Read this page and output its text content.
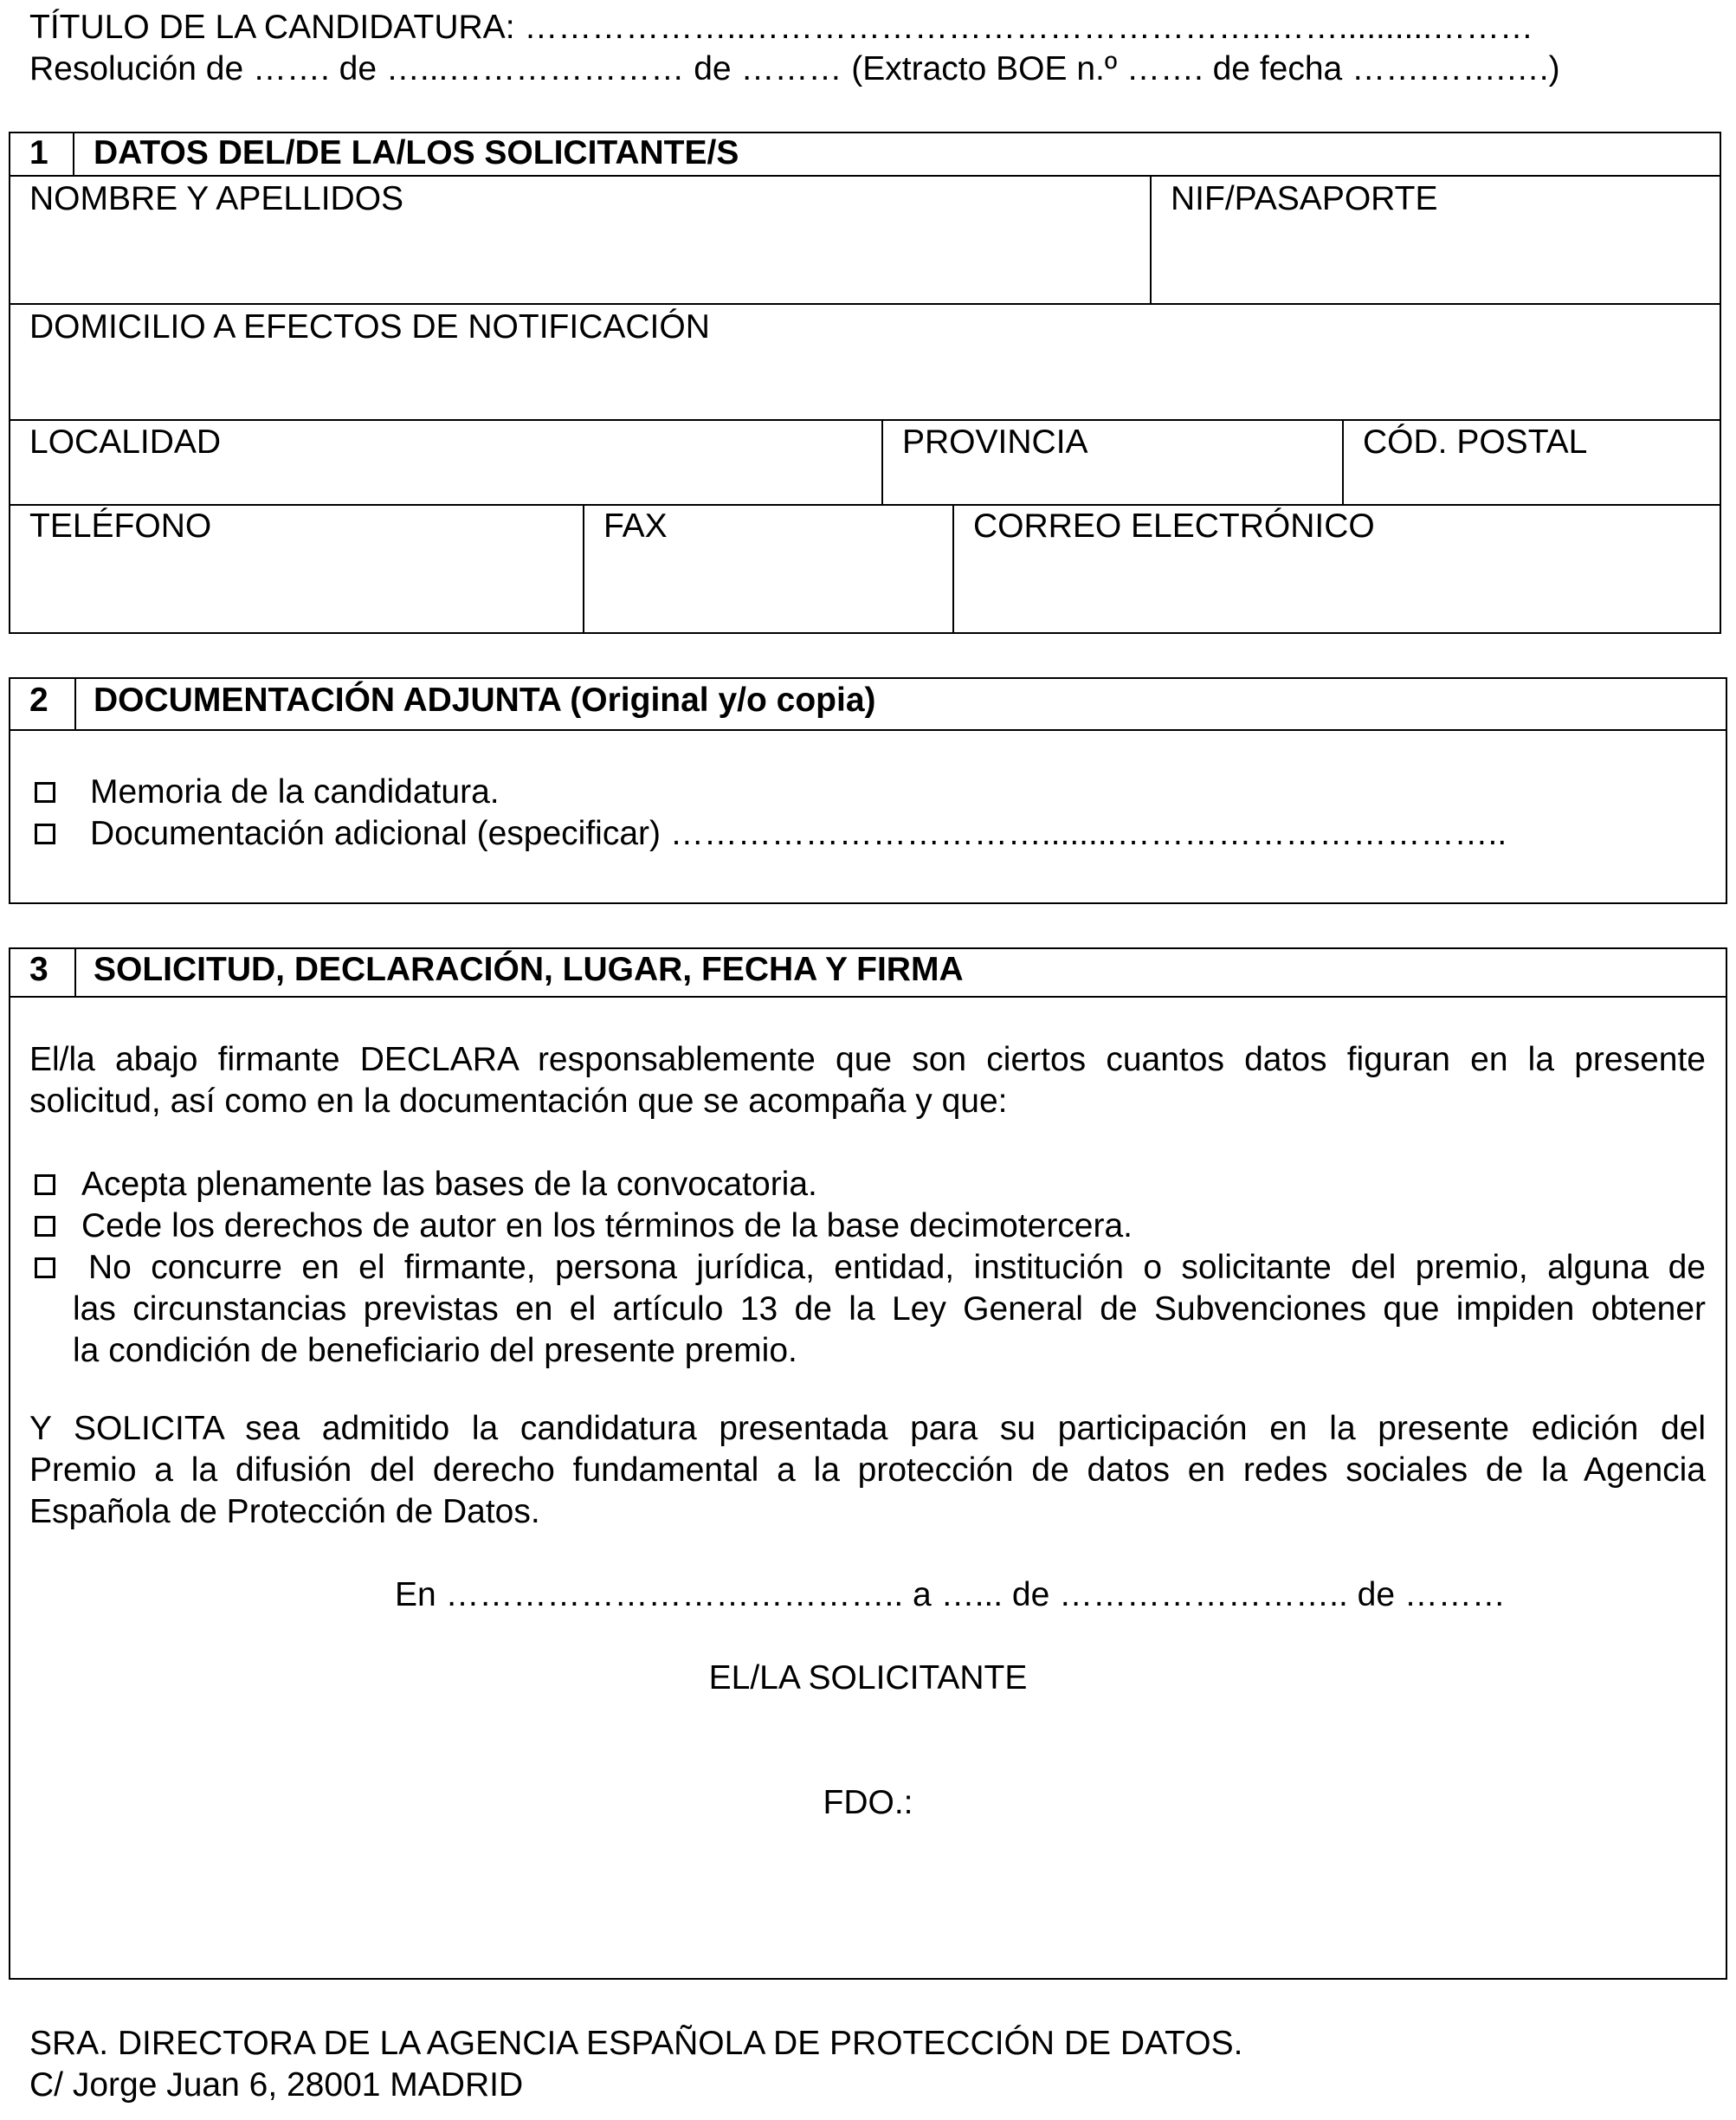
TÍTULO DE LA CANDIDATURA: ………………..………………………………………..……..........………
Resolución de ……. de …...………………… de ……… (Extracto BOE n.º ……. de fecha …….…….….)
1 DATOS DEL/DE LA/LOS SOLICITANTE/S
NOMBRE Y APELLIDOS	NIF/PASAPORTE
DOMICILIO A EFECTOS DE NOTIFICACIÓN
LOCALIDAD	PROVINCIA	CÓD. POSTAL
TELÉFONO	FAX	CORREO ELECTRÓNICO
2 DOCUMENTACIÓN ADJUNTA (Original y/o copia)
Memoria de la candidatura.
Documentación adicional (especificar) ……………………………........……………………………..
3 SOLICITUD, DECLARACIÓN, LUGAR, FECHA Y FIRMA
El/la abajo firmante DECLARA responsablemente que son ciertos cuantos datos figuran en la presente
solicitud, así como en la documentación que se acompaña y que:
Acepta plenamente las bases de la convocatoria.
Cede los derechos de autor en los términos de la base decimotercera.
No concurre en el firmante, persona jurídica, entidad, institución o solicitante del premio, alguna de
las circunstancias previstas en el artículo 13 de la Ley General de Subvenciones que impiden obtener
la condición de beneficiario del presente premio.
Y SOLICITA sea admitido la candidatura presentada para su participación en la presente edición del
Premio a la difusión del derecho fundamental a la protección de datos en redes sociales de la Agencia
Española de Protección de Datos.
En ………………………………….. a …... de …………………….. de ………
EL/LA SOLICITANTE
FDO.:
SRA. DIRECTORA DE LA AGENCIA ESPAÑOLA DE PROTECCIÓN DE DATOS.
C/ Jorge Juan 6, 28001 MADRID
